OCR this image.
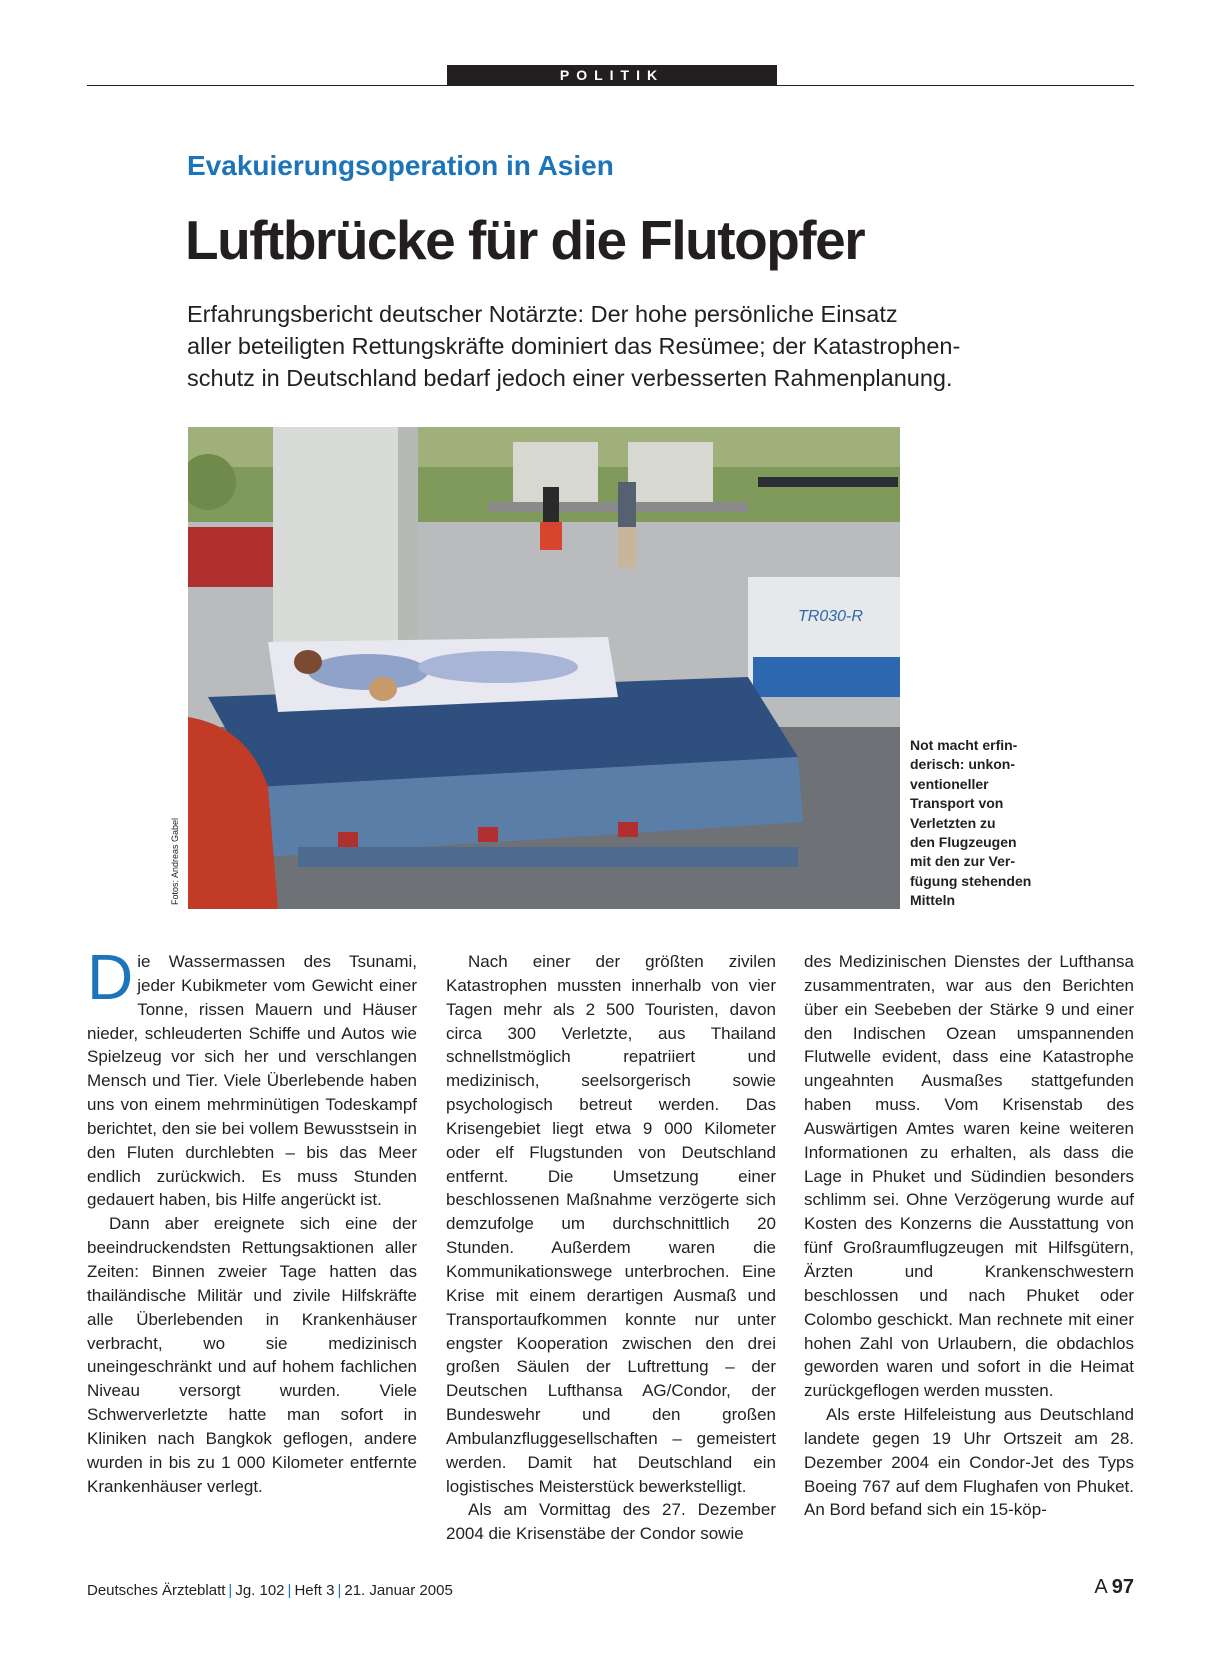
POLITIK
Evakuierungsoperation in Asien
Luftbrücke für die Flutopfer
Erfahrungsbericht deutscher Notärzte: Der hohe persönliche Einsatz
aller beteiligten Rettungskräfte dominiert das Resümee; der Katastrophen-
schutz in Deutschland bedarf jedoch einer verbesserten Rahmenplanung.
TR030-R
Fotos: Andreas Gabel
Not macht erfin-
derisch: unkon-
ventioneller
Transport von
Verletzten zu
den Flugzeugen
mit den zur Ver-
fügung stehenden
Mitteln

Die Wassermassen des Tsunami, jeder Kubikmeter vom Gewicht einer Tonne, rissen Mauern und Häuser nieder, schleuderten Schiffe und Autos wie Spielzeug vor sich her und verschlangen Mensch und Tier. Viele Überlebende haben uns von einem mehrminütigen Todeskampf berichtet, den sie bei vollem Bewusstsein in den Fluten durchlebten – bis das Meer endlich zurückwich. Es muss Stunden gedauert haben, bis Hilfe angerückt ist.

Dann aber ereignete sich eine der beeindruckendsten Rettungsaktionen aller Zeiten: Binnen zweier Tage hatten das thailändische Militär und zivile Hilfskräfte alle Überlebenden in Krankenhäuser verbracht, wo sie medizinisch uneingeschränkt und auf hohem fachlichen Niveau versorgt wurden. Viele Schwerverletzte hatte man sofort in Kliniken nach Bangkok geflogen, andere wurden in bis zu 1 000 Kilometer entfernte Krankenhäuser verlegt.

Nach einer der größten zivilen Katastrophen mussten innerhalb von vier Tagen mehr als 2 500 Touristen, davon circa 300 Verletzte, aus Thailand schnellstmöglich repatriiert und medizinisch, seelsorgerisch sowie psychologisch betreut werden. Das Krisengebiet liegt etwa 9 000 Kilometer oder elf Flugstunden von Deutschland entfernt. Die Umsetzung einer beschlossenen Maßnahme verzögerte sich demzufolge um durchschnittlich 20 Stunden. Außerdem waren die Kommunikationswege unterbrochen. Eine Krise mit einem derartigen Ausmaß und Transportaufkommen konnte nur unter engster Kooperation zwischen den drei großen Säulen der Luftrettung – der Deutschen Lufthansa AG/Condor, der Bundeswehr und den großen Ambulanzfluggesellschaften – gemeistert werden. Damit hat Deutschland ein logistisches Meisterstück bewerkstelligt.

Als am Vormittag des 27. Dezember 2004 die Krisenstäbe der Condor sowie

des Medizinischen Dienstes der Lufthansa zusammentraten, war aus den Berichten über ein Seebeben der Stärke 9 und einer den Indischen Ozean umspannenden Flutwelle evident, dass eine Katastrophe ungeahnten Ausmaßes stattgefunden haben muss. Vom Krisenstab des Auswärtigen Amtes waren keine weiteren Informationen zu erhalten, als dass die Lage in Phuket und Südindien besonders schlimm sei. Ohne Verzögerung wurde auf Kosten des Konzerns die Ausstattung von fünf Großraumflugzeugen mit Hilfsgütern, Ärzten und Krankenschwestern beschlossen und nach Phuket oder Colombo geschickt. Man rechnete mit einer hohen Zahl von Urlaubern, die obdachlos geworden waren und sofort in die Heimat zurückgeflogen werden mussten.

Als erste Hilfeleistung aus Deutschland landete gegen 19 Uhr Ortszeit am 28. Dezember 2004 ein Condor-Jet des Typs Boeing 767 auf dem Flughafen von Phuket. An Bord befand sich ein 15-köp-

Deutsches Ärzteblatt | Jg. 102 | Heft 3 | 21. Januar 2005	A  97
